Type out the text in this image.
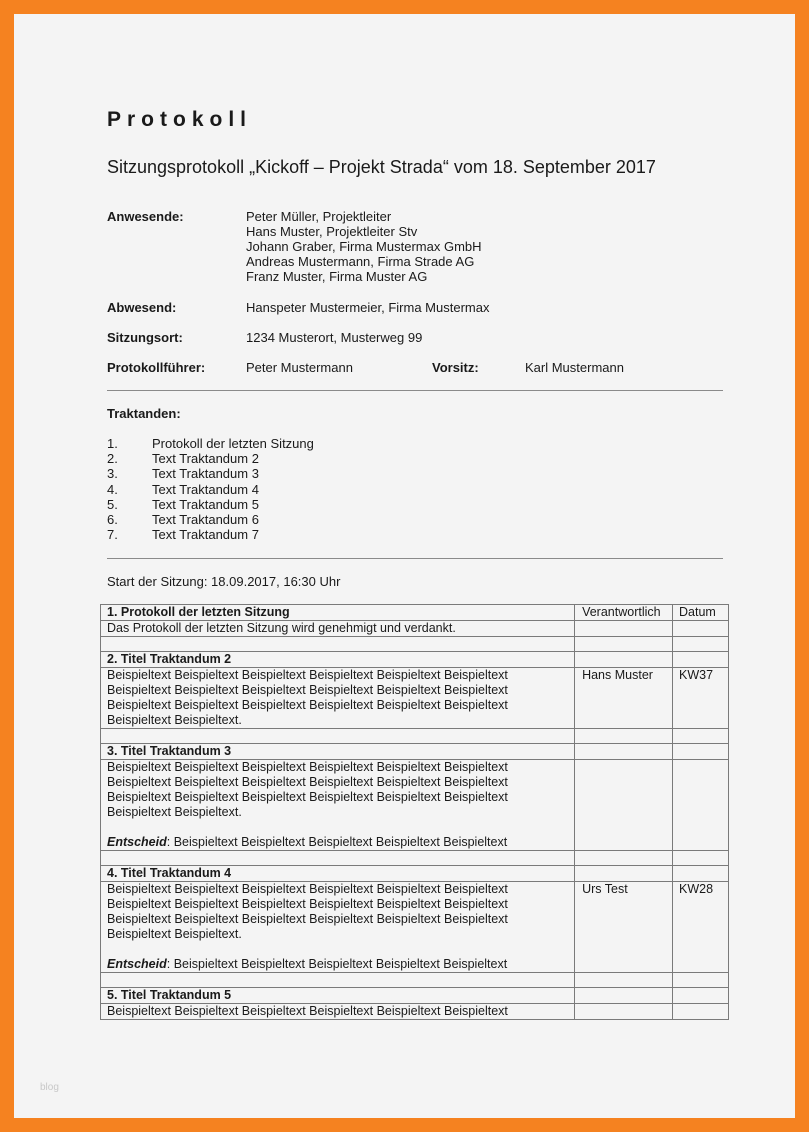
Protokoll
Sitzungsprotokoll „Kickoff – Projekt Strada“ vom 18. September 2017
Anwesende:	Peter Müller, Projektleiter
Hans Muster, Projektleiter Stv
Johann Graber, Firma Mustermax GmbH
Andreas Mustermann, Firma Strade AG
Franz Muster, Firma Muster AG
Abwesend:	Hanspeter Mustermeier, Firma Mustermax
Sitzungsort:	1234 Musterort, Musterweg 99
Protokollführer:	Peter Mustermann	Vorsitz:	Karl Mustermann
Traktanden:
1.	Protokoll der letzten Sitzung
2.	Text Traktandum 2
3.	Text Traktandum 3
4.	Text Traktandum 4
5.	Text Traktandum 5
6.	Text Traktandum 6
7.	Text Traktandum 7
Start der Sitzung: 18.09.2017, 16:30 Uhr
1. Protokoll der letzten Sitzung	Verantwortlich	Datum
Das Protokoll der letzten Sitzung wird genehmigt und verdankt.		

2. Titel Traktandum 2		
Beispieltext Beispieltext Beispieltext Beispieltext Beispieltext Beispieltext
Beispieltext Beispieltext Beispieltext Beispieltext Beispieltext Beispieltext
Beispieltext Beispieltext Beispieltext Beispieltext Beispieltext Beispieltext
Beispieltext Beispieltext.	Hans Muster	KW37

3. Titel Traktandum 3		
Beispieltext Beispieltext Beispieltext Beispieltext Beispieltext Beispieltext
Beispieltext Beispieltext Beispieltext Beispieltext Beispieltext Beispieltext
Beispieltext Beispieltext Beispieltext Beispieltext Beispieltext Beispieltext
Beispieltext Beispieltext.
Entscheid: Beispieltext Beispieltext Beispieltext Beispieltext Beispieltext		

4. Titel Traktandum 4		
Beispieltext Beispieltext Beispieltext Beispieltext Beispieltext Beispieltext
Beispieltext Beispieltext Beispieltext Beispieltext Beispieltext Beispieltext
Beispieltext Beispieltext Beispieltext Beispieltext Beispieltext Beispieltext
Beispieltext Beispieltext.
Entscheid: Beispieltext Beispieltext Beispieltext Beispieltext Beispieltext	Urs Test	KW28

5. Titel Traktandum 5		
Beispieltext Beispieltext Beispieltext Beispieltext Beispieltext Beispieltext		
blog
